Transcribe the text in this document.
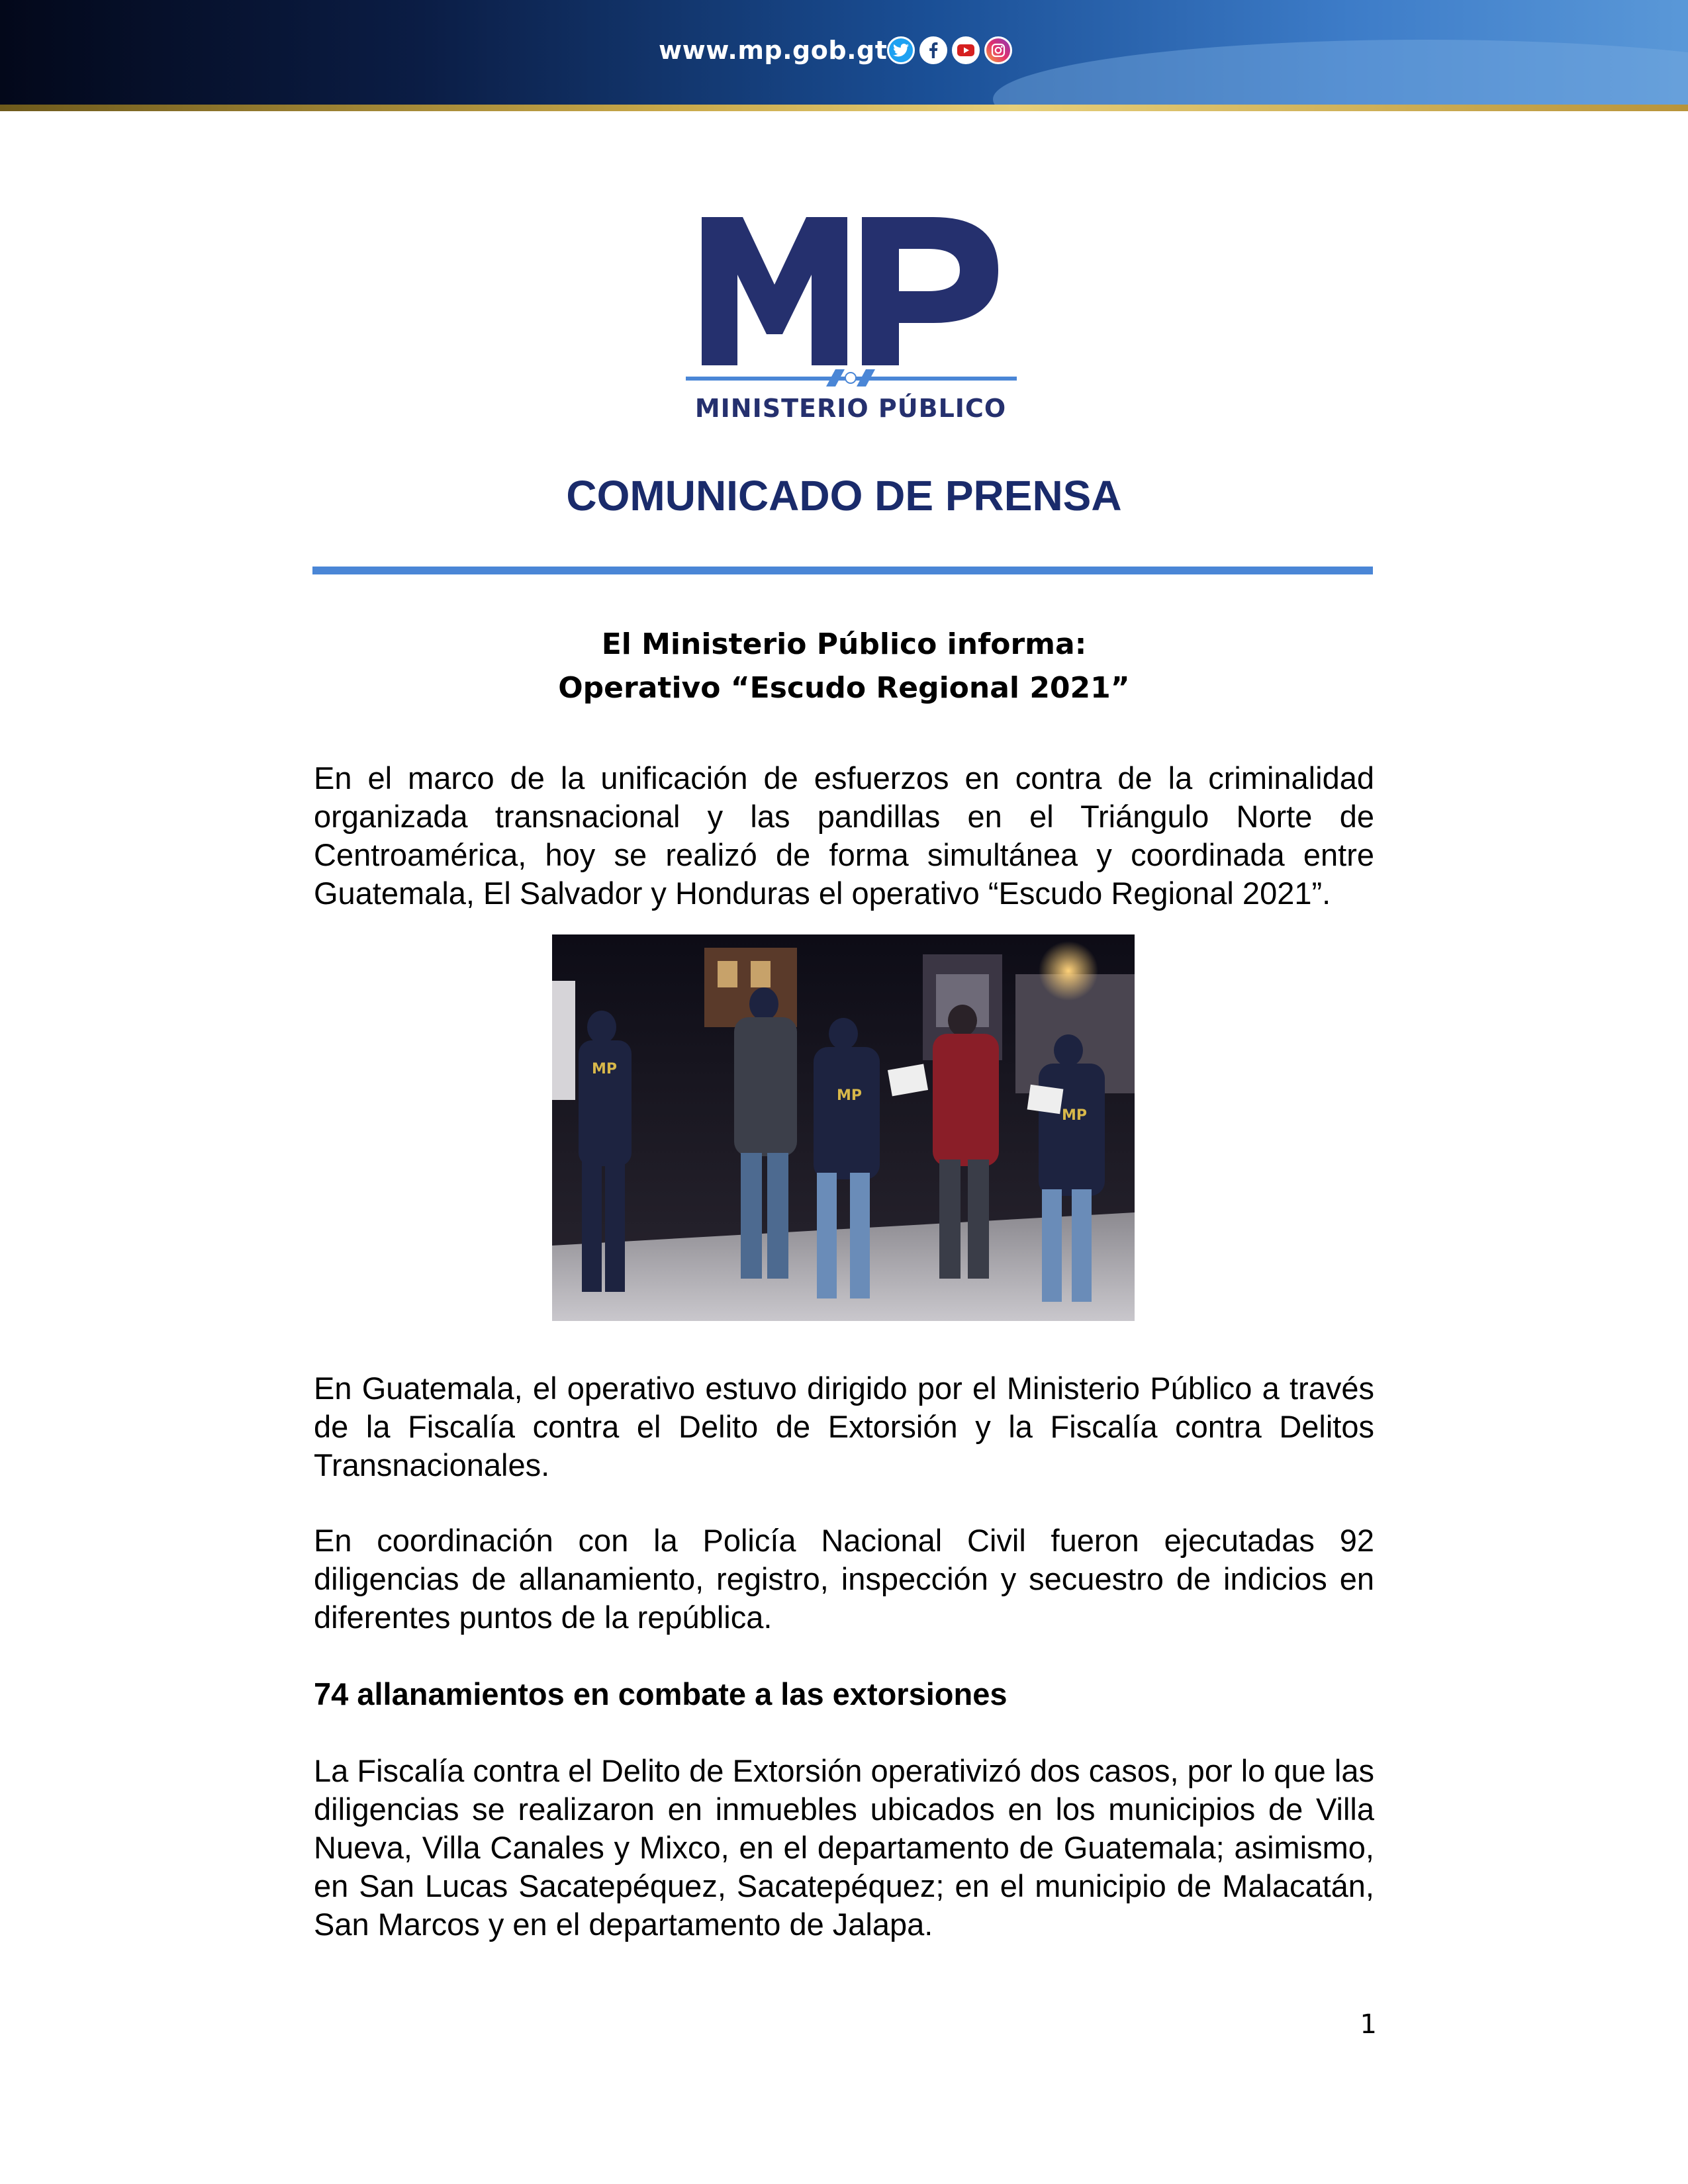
www.mp.gob.gt
MINISTERIO PÚBLICO
COMUNICADO DE PRENSA
El Ministerio Público informa:
Operativo “Escudo Regional 2021”
En el marco de la unificación de esfuerzos en contra de la criminalidad organizada transnacional y las pandillas en el Triángulo Norte de Centroamérica, hoy se realizó de forma simultánea y coordinada entre Guatemala, El Salvador y Honduras el operativo “Escudo Regional 2021”.
MP
MP
MP
En Guatemala, el operativo estuvo dirigido por el Ministerio Público a través de la Fiscalía contra el Delito de Extorsión y la Fiscalía contra Delitos Transnacionales.
En coordinación con la Policía Nacional Civil fueron ejecutadas 92 diligencias de allanamiento, registro, inspección y secuestro de indicios en diferentes puntos de la república.
74 allanamientos en combate a las extorsiones
La Fiscalía contra el Delito de Extorsión operativizó dos casos, por lo que las diligencias se realizaron en inmuebles ubicados en los municipios de Villa Nueva, Villa Canales y Mixco, en el departamento de Guatemala; asimismo, en San Lucas Sacatepéquez, Sacatepéquez; en el municipio de Malacatán, San Marcos y en el departamento de Jalapa.
1
